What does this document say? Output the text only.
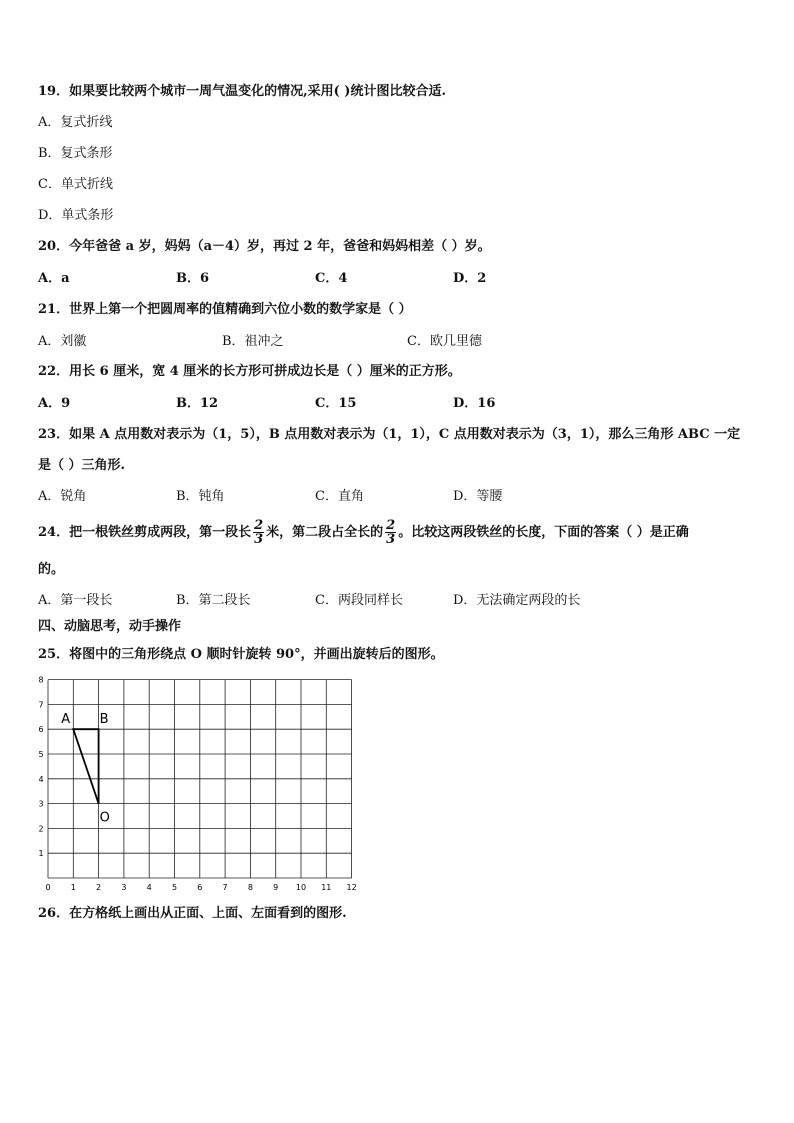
19．如果要比较两个城市一周气温变化的情况,采用( )统计图比较合适.
A．复式折线
B．复式条形
C．单式折线
D．单式条形
20．今年爸爸 a 岁，妈妈（a－4）岁，再过 2 年，爸爸和妈妈相差（ ）岁。
A．a	B．6	C．4	D．2
21．世界上第一个把圆周率的值精确到六位小数的数学家是（ ）
A．刘徽	B．祖冲之	C．欧几里德
22．用长 6 厘米，宽 4 厘米的长方形可拼成边长是（ ）厘米的正方形。
A．9	B．12	C．15	D．16
23．如果 A 点用数对表示为（1，5），B 点用数对表示为（1，1），C 点用数对表示为（3，1），那么三角形 ABC 一定
是（ ）三角形.
A．锐角	B．钝角	C．直角	D．等腰
24．把一根铁丝剪成两段，第一段长 $\frac{2}{3}$ 米，第二段占全长的 $\frac{2}{3}$ 。比较这两段铁丝的长度，下面的答案（ ）是正确
的。
A．第一段长	B．第二段长	C．两段同样长	D．无法确定两段的长
四、动脑思考，动手操作
25．将图中的三角形绕点 O 顺时针旋转 90°，并画出旋转后的图形。
0	1	2	3	4	5	6	7	8	9 10 11 12
1
2
3
4
5
6
7
8
A B
O
26．在方格纸上画出从正面、上面、左面看到的图形.
